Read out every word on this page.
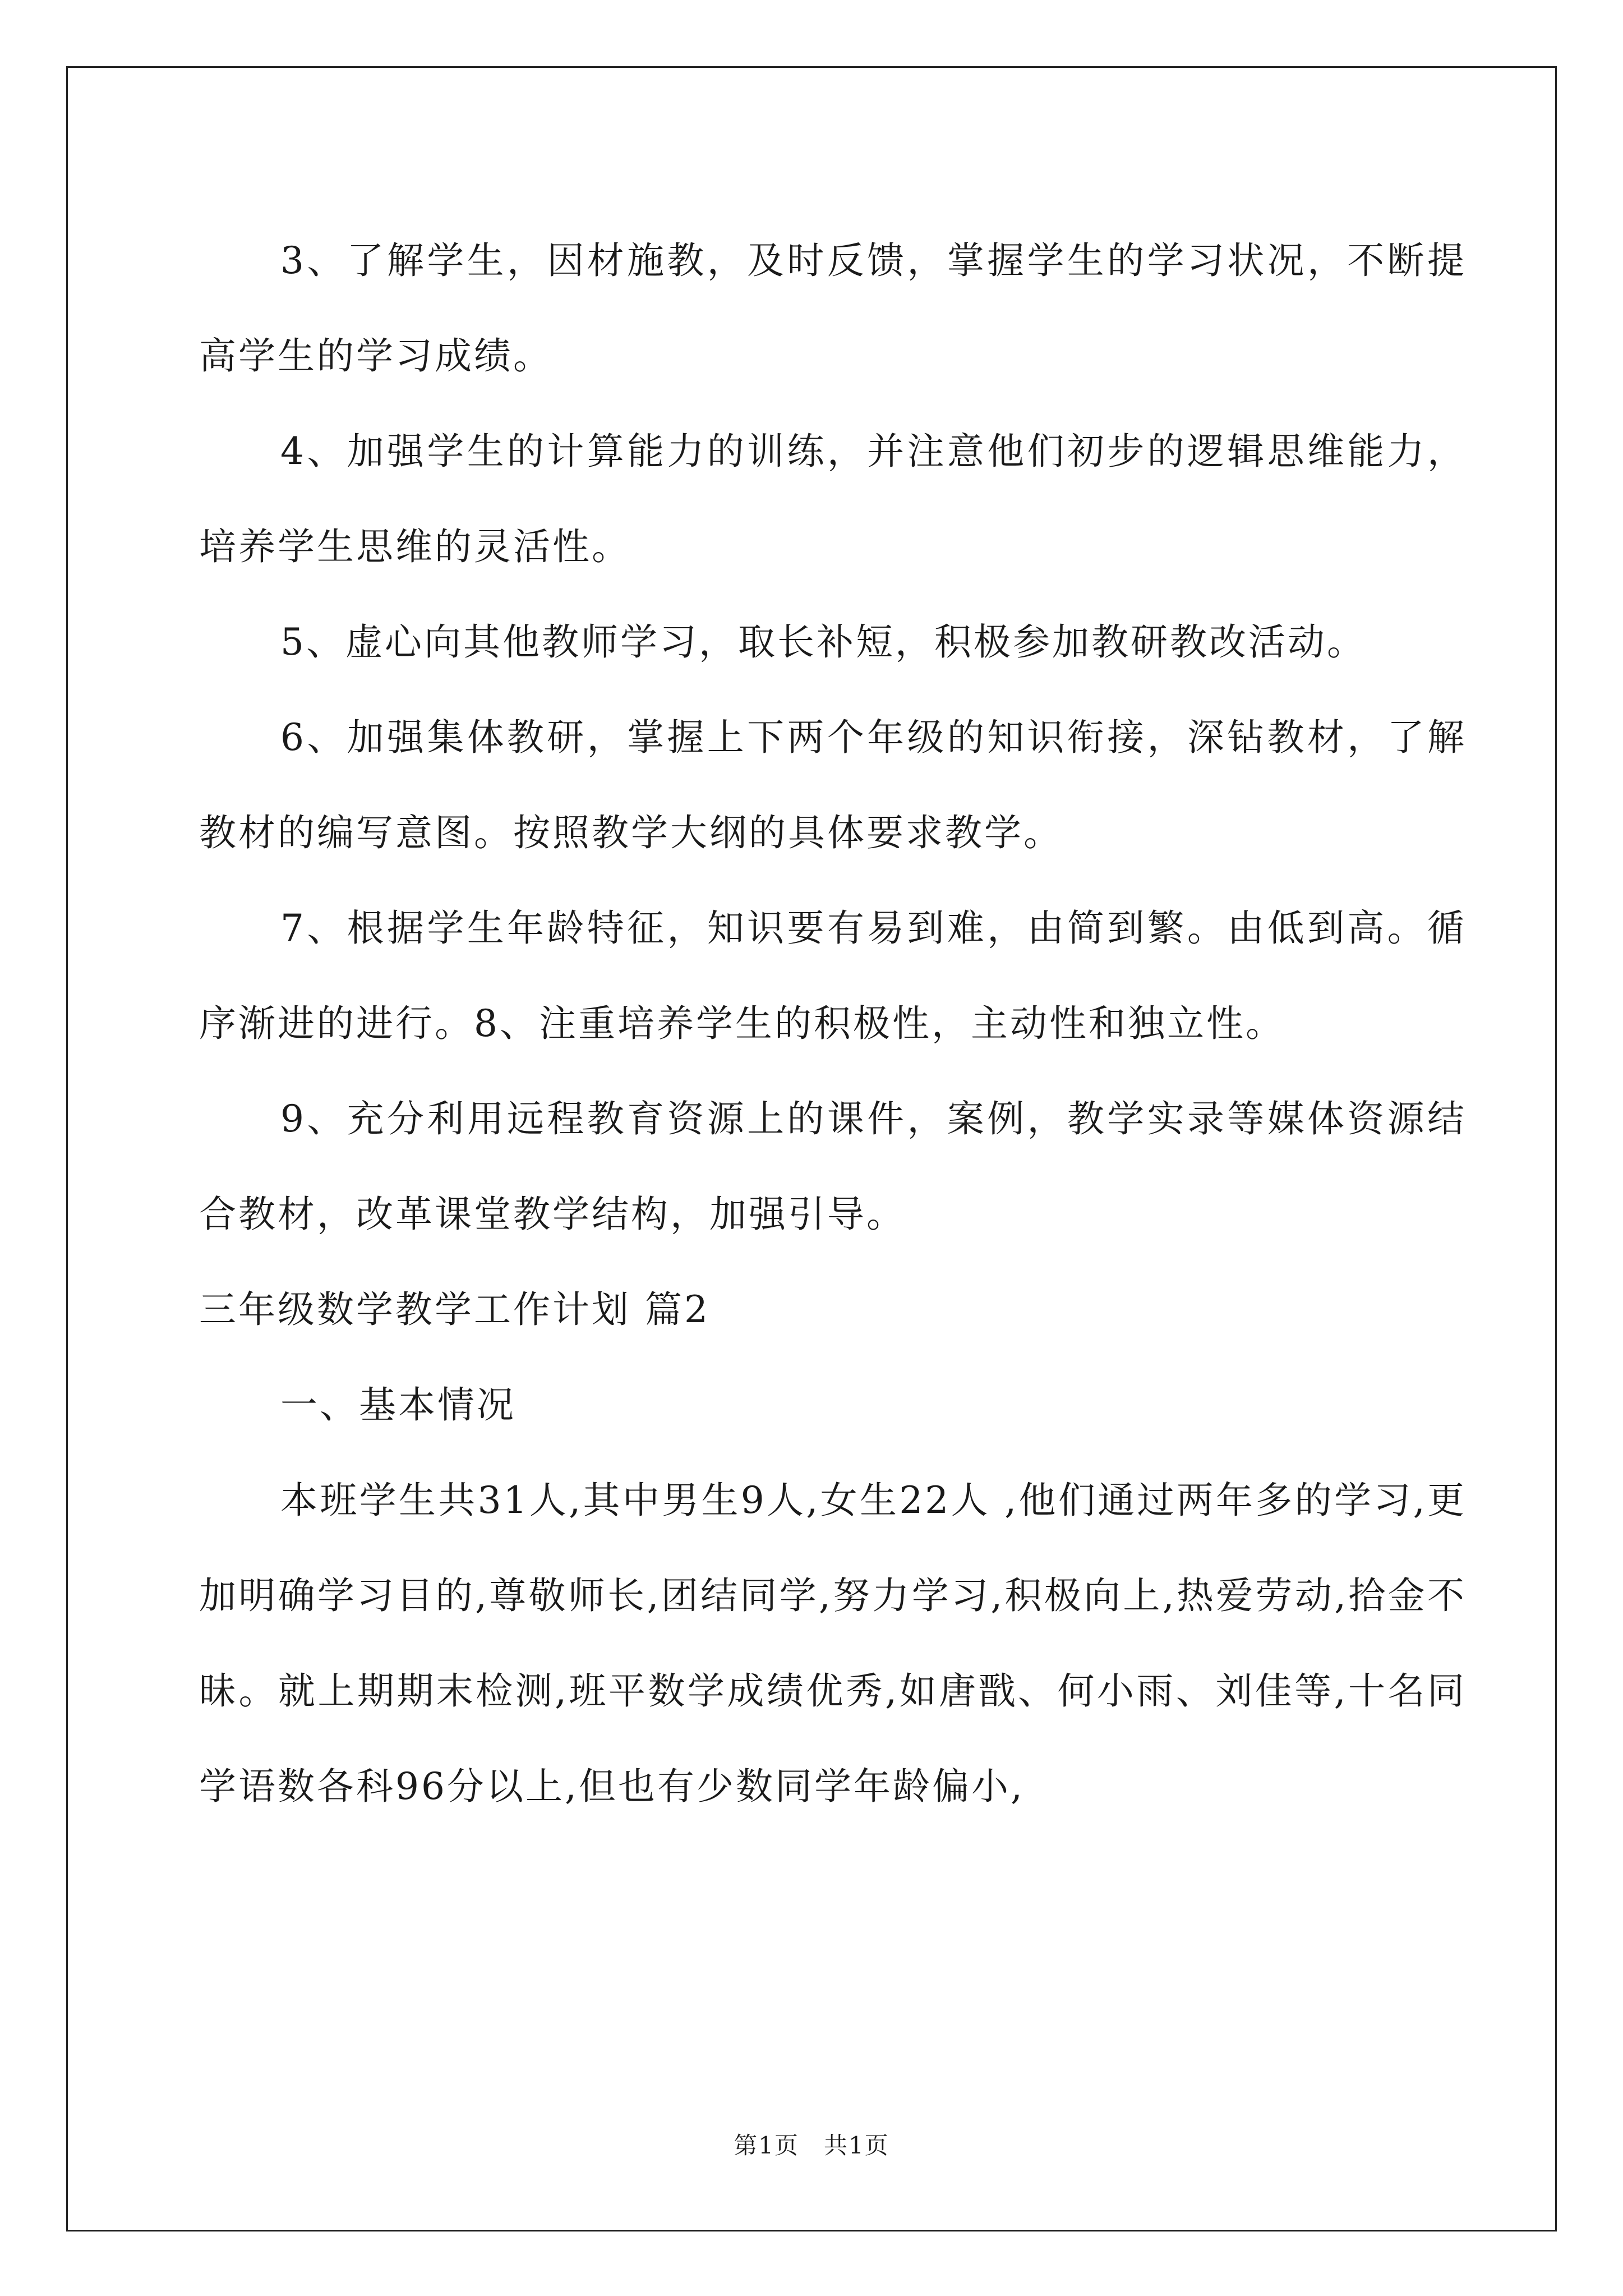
3、了解学生，因材施教，及时反馈，掌握学生的学习状况，不断提高学生的学习成绩。

4、加强学生的计算能力的训练，并注意他们初步的逻辑思维能力，培养学生思维的灵活性。

5、虚心向其他教师学习，取长补短，积极参加教研教改活动。

6、加强集体教研，掌握上下两个年级的知识衔接，深钻教材，了解教材的编写意图。按照教学大纲的具体要求教学。

7、根据学生年龄特征，知识要有易到难，由简到繁。由低到高。循序渐进的进行。8、注重培养学生的积极性，主动性和独立性。

9、充分利用远程教育资源上的课件，案例，教学实录等媒体资源结合教材，改革课堂教学结构，加强引导。

三年级数学教学工作计划 篇2

一、基本情况

本班学生共31人,其中男生9人,女生22人 ,他们通过两年多的学习,更加明确学习目的,尊敬师长,团结同学,努力学习,积极向上,热爱劳动,拾金不昧。就上期期末检测,班平数学成绩优秀,如唐戬、何小雨、刘佳等,十名同学语数各科96分以上,但也有少数同学年龄偏小,

第1页　共1页
